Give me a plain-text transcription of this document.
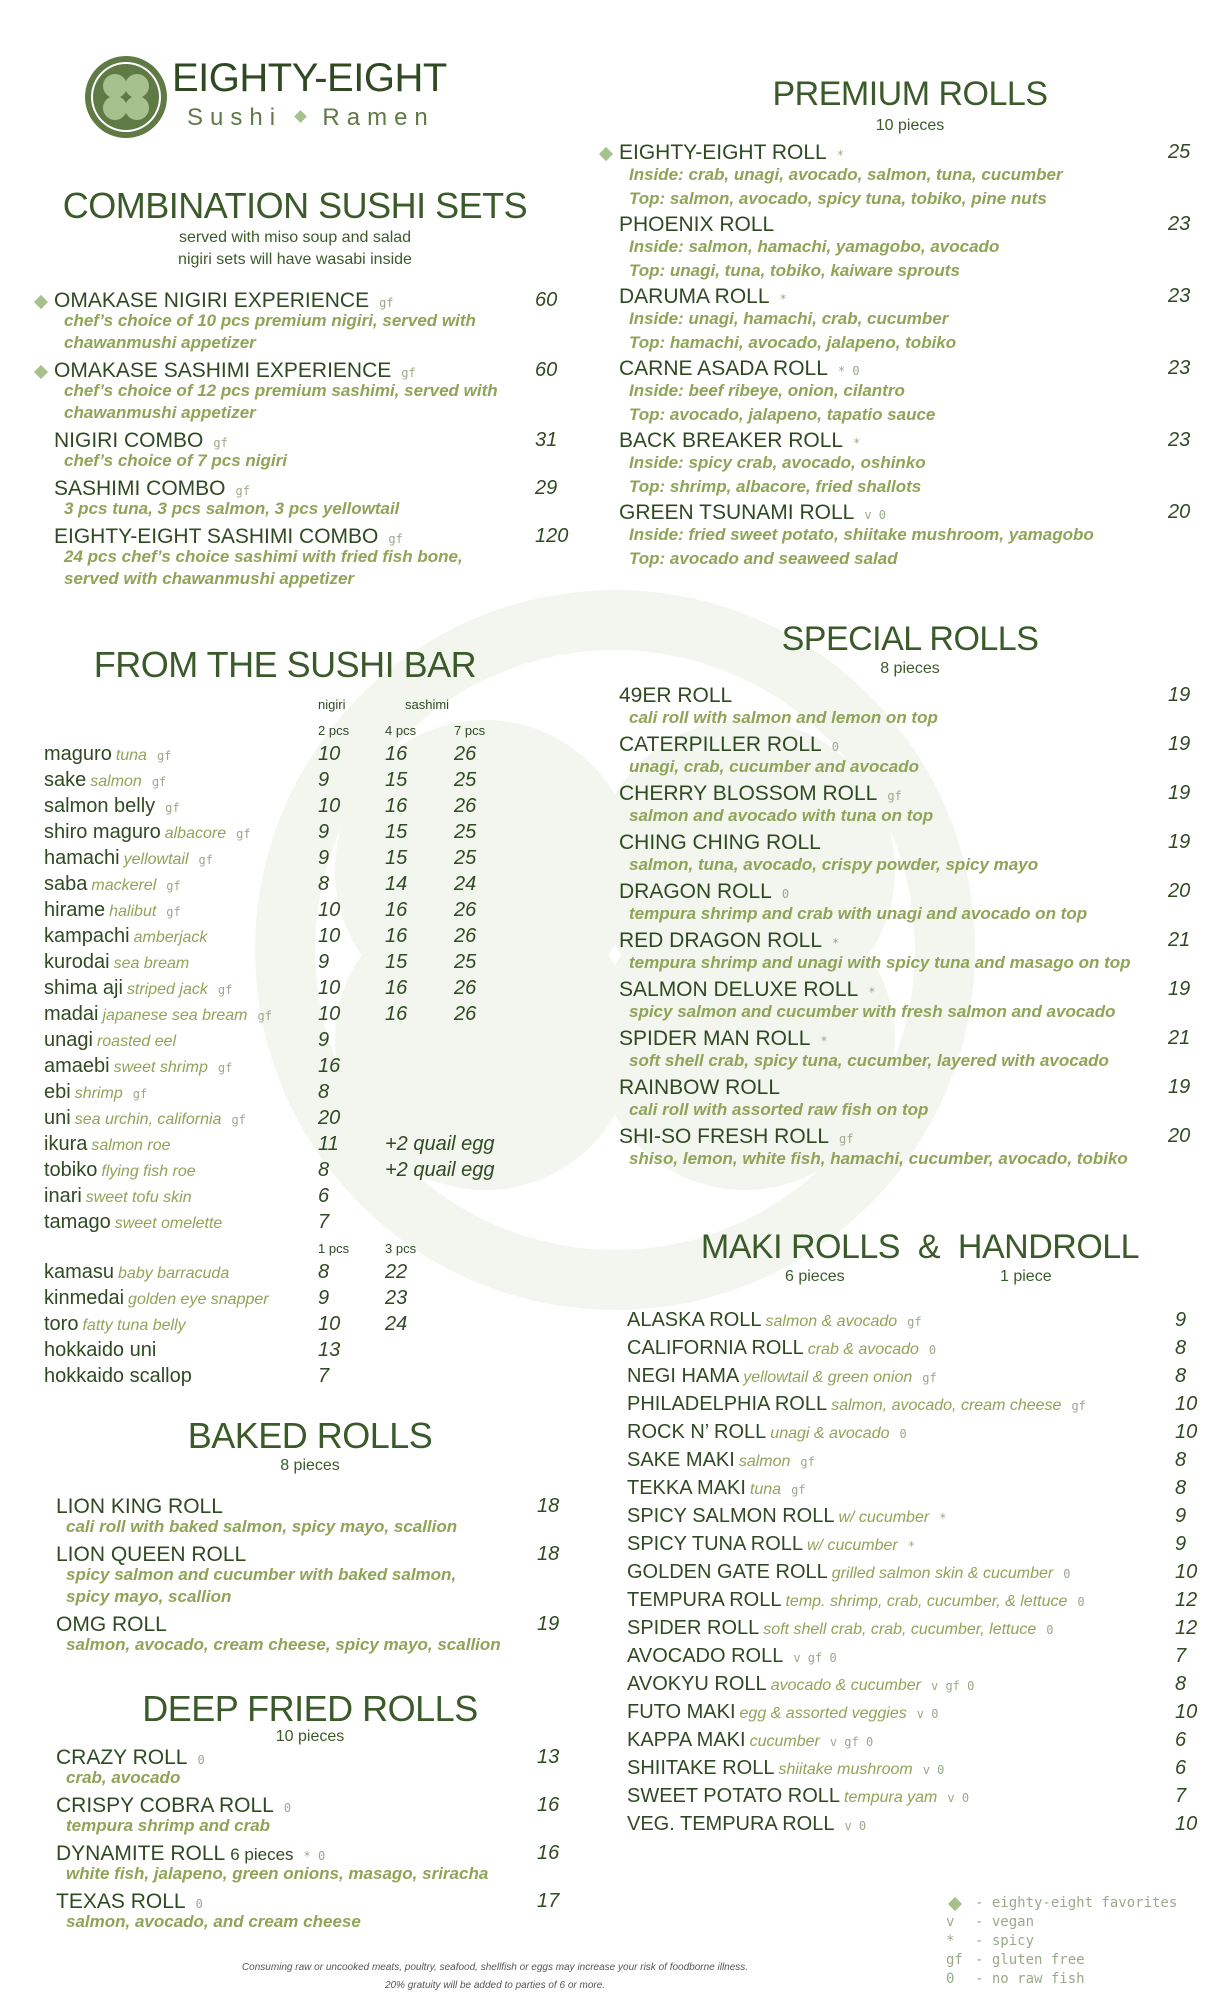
EIGHTY-EIGHT
Sushi Ramen
COMBINATION SUSHI SETS
served with miso soup and salad
nigiri sets will have wasabi inside
FROM THE SUSHI BAR
BAKED ROLLS
8 pieces
DEEP FRIED ROLLS
10 pieces
PREMIUM ROLLS
10 pieces
SPECIAL ROLLS
8 pieces
MAKI ROLLS  &  HANDROLL
6 pieces	1 piece
nigiri	sashimi
2 pcs	4 pcs	7 pcs
1 pcs	3 pcs
OMAKASE NIGIRI EXPERIENCE gf	60
chef’s choice of 10 pcs premium nigiri, served with
chawanmushi appetizer
OMAKASE SASHIMI EXPERIENCE gf	60
chef’s choice of 12 pcs premium sashimi, served with
chawanmushi appetizer
NIGIRI COMBO gf	31
chef’s choice of 7 pcs nigiri
SASHIMI COMBO gf	29
3 pcs tuna, 3 pcs salmon, 3 pcs yellowtail
EIGHTY-EIGHT SASHIMI COMBO gf	120
24 pcs chef’s choice sashimi with fried fish bone,
served with chawanmushi appetizer
maguro tuna gf	10 16 26
sake salmon gf	9	15 25
salmon belly gf	10 16 26
shiro maguro albacore gf	9	15 25
hamachi yellowtail gf	9	15 25
saba mackerel gf	8	14 24
hirame halibut gf	10 16 26
kampachi amberjack	10 16 26
kurodai sea bream	9	15 25
shima aji striped jack gf	10 16 26
madai japanese sea bream gf 10 16 26
unagi roasted eel	9
amaebi sweet shrimp gf	16
ebi shrimp gf	8
uni sea urchin, california gf	20
ikura salmon roe	11 +2 quail egg
tobiko flying fish roe	8	+2 quail egg
inari sweet tofu skin	6
tamago sweet omelette	7
kamasu baby barracuda	8	22
kinmedai golden eye snapper 9	23
toro fatty tuna belly	10 24
hokkaido uni	13
hokkaido scallop	7
LION KING ROLL	18
cali roll with baked salmon, spicy mayo, scallion
LION QUEEN ROLL	18
spicy salmon and cucumber with baked salmon,
spicy mayo, scallion
OMG ROLL	19
salmon, avocado, cream cheese, spicy mayo, scallion
CRAZY ROLL 0	13
crab, avocado
CRISPY COBRA ROLL 0	16
tempura shrimp and crab
DYNAMITE ROLL 6 pieces * 0	16
white fish, jalapeno, green onions, masago, sriracha
TEXAS ROLL 0	17
salmon, avocado, and cream cheese
EIGHTY-EIGHT ROLL *	25
Inside: crab, unagi, avocado, salmon, tuna, cucumber
Top: salmon, avocado, spicy tuna, tobiko, pine nuts
PHOENIX ROLL	23
Inside: salmon, hamachi, yamagobo, avocado
Top: unagi, tuna, tobiko, kaiware sprouts
DARUMA ROLL *	23
Inside: unagi, hamachi, crab, cucumber
Top: hamachi, avocado, jalapeno, tobiko
CARNE ASADA ROLL * 0	23
Inside: beef ribeye, onion, cilantro
Top: avocado, jalapeno, tapatio sauce
BACK BREAKER ROLL *	23
Inside: spicy crab, avocado, oshinko
Top: shrimp, albacore, fried shallots
GREEN TSUNAMI ROLL v 0	20
Inside: fried sweet potato, shiitake mushroom, yamagobo
Top: avocado and seaweed salad
49ER ROLL	19
cali roll with salmon and lemon on top
CATERPILLER ROLL 0	19
unagi, crab, cucumber and avocado
CHERRY BLOSSOM ROLL gf	19
salmon and avocado with tuna on top
CHING CHING ROLL	19
salmon, tuna, avocado, crispy powder, spicy mayo
DRAGON ROLL 0	20
tempura shrimp and crab with unagi and avocado on top
RED DRAGON ROLL *	21
tempura shrimp and unagi with spicy tuna and masago on top
SALMON DELUXE ROLL *	19
spicy salmon and cucumber with fresh salmon and avocado
SPIDER MAN ROLL *	21
soft shell crab, spicy tuna, cucumber, layered with avocado
RAINBOW ROLL	19
cali roll with assorted raw fish on top
SHI-SO FRESH ROLL gf	20
shiso, lemon, white fish, hamachi, cucumber, avocado, tobiko
ALASKA ROLL salmon & avocado gf	9
CALIFORNIA ROLL crab & avocado 0	8
NEGI HAMA yellowtail & green onion gf	8
PHILADELPHIA ROLL salmon, avocado, cream cheese gf	10
ROCK N’ ROLL unagi & avocado 0	10
SAKE MAKI salmon gf	8
TEKKA MAKI tuna gf	8
SPICY SALMON ROLL w/ cucumber *	9
SPICY TUNA ROLL w/ cucumber *	9
GOLDEN GATE ROLL grilled salmon skin & cucumber 0	10
TEMPURA ROLL temp. shrimp, crab, cucumber, & lettuce 0	12
SPIDER ROLL soft shell crab, crab, cucumber, lettuce 0	12
AVOCADO ROLL v gf 0	7
AVOKYU ROLL avocado & cucumber v gf 0	8
FUTO MAKI egg & assorted veggies v 0	10
KAPPA MAKI cucumber v gf 0	6
SHIITAKE ROLL shiitake mushroom v 0	6
SWEET POTATO ROLL tempura yam v 0	7
VEG. TEMPURA ROLL v 0	10
- eighty-eight favorites
v - vegan
* - spicy
gf - gluten free
0 - no raw fish
Consuming raw or uncooked meats, poultry, seafood, shellfish or eggs may increase your risk of foodborne illness.
20% gratuity will be added to parties of 6 or more.
